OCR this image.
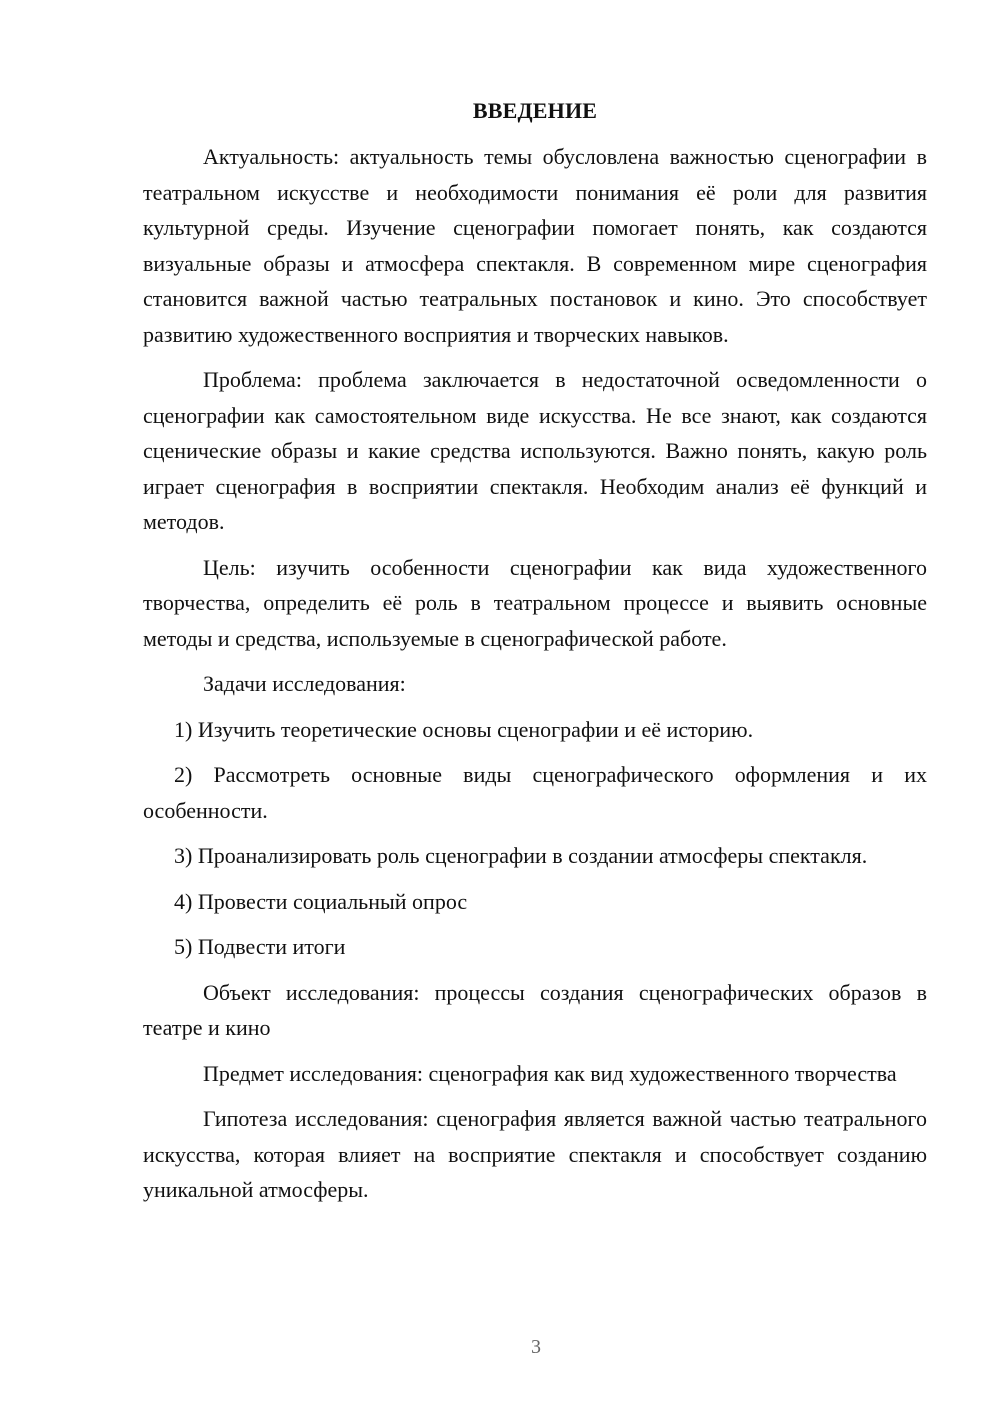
ВВЕДЕНИЕ

Актуальность: актуальность темы обусловлена важностью сценографии в театральном искусстве и необходимости понимания её роли для развития культурной среды. Изучение сценографии помогает понять, как создаются визуальные образы и атмосфера спектакля. В современном мире сценография становится важной частью театральных постановок и кино. Это способствует развитию художественного восприятия и творческих навыков.

Проблема: проблема заключается в недостаточной осведомленности о сценографии как самостоятельном виде искусства. Не все знают, как создаются сценические образы и какие средства используются. Важно понять, какую роль играет сценография в восприятии спектакля. Необходим анализ её функций и методов.

Цель: изучить особенности сценографии как вида художественного творчества, определить её роль в театральном процессе и выявить основные методы и средства, используемые в сценографической работе.

Задачи исследования:

1) Изучить теоретические основы сценографии и её историю.

2) Рассмотреть основные виды сценографического оформления и их особенности.

3) Проанализировать роль сценографии в создании атмосферы спектакля.

4) Провести социальный опрос

5) Подвести итоги

Объект исследования: процессы создания сценографических образов в театре и кино

Предмет исследования: сценография как вид художественного творчества

Гипотеза исследования: сценография является важной частью театрального искусства, которая влияет на восприятие спектакля и способствует созданию уникальной атмосферы.

3
